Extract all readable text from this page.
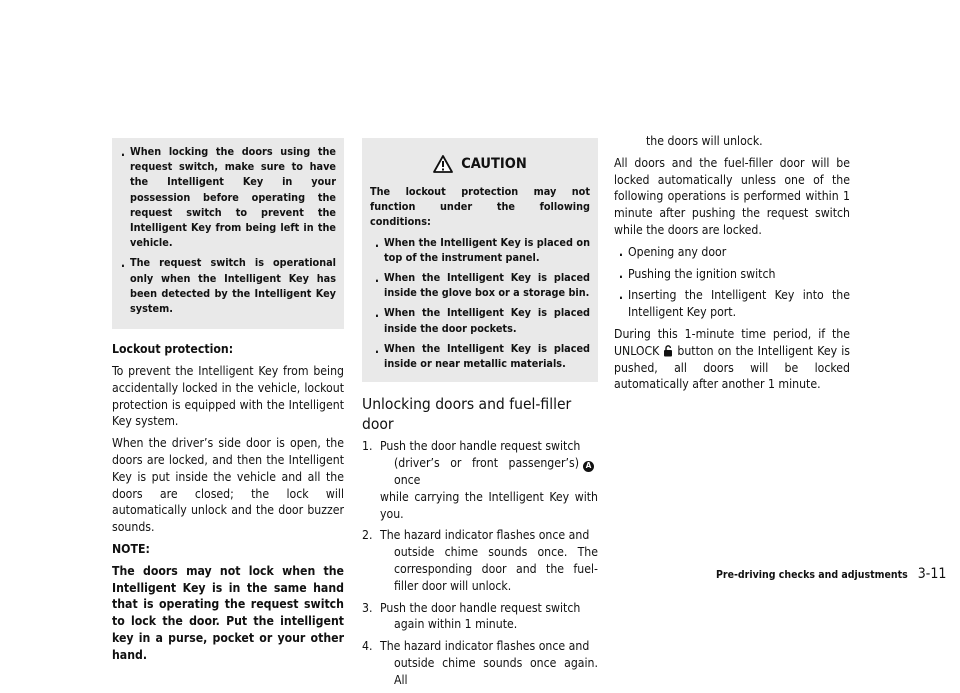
. When locking the doors using the request switch, make sure to have the Intelligent Key in your possession before operating the request switch to prevent the Intelligent Key from being left in the vehicle.
. The request switch is operational only when the Intelligent Key has been detected by the Intelligent Key system.

Lockout protection:

To prevent the Intelligent Key from being accidentally locked in the vehicle, lockout protection is equipped with the Intelligent Key system.

When the driver’s side door is open, the doors are locked, and then the Intelligent Key is put inside the vehicle and all the doors are closed; the lock will automatically unlock and the door buzzer sounds.

NOTE:

The doors may not lock when the Intelligent Key is in the same hand that is operating the request switch to lock the door. Put the intelligent key in a purse, pocket or your other hand.

CAUTION

The lockout protection may not function under the following conditions:

. When the Intelligent Key is placed on top of the instrument panel.
. When the Intelligent Key is placed inside the glove box or a storage bin.
. When the Intelligent Key is placed inside the door pockets.
. When the Intelligent Key is placed inside or near metallic materials.
Unlocking doors and fuel-filler door
1. Push the door handle request switch
(driver’s or front passenger’s) Aonce
while carrying the Intelligent Key with you.
2. The hazard indicator flashes once and
outside chime sounds once. The corresponding door and the fuel-filler door will unlock.
3. Push the door handle request switch
again within 1 minute.
4. The hazard indicator flashes once and
outside chime sounds once again. All

the doors will unlock.

All doors and the fuel-filler door will be locked automatically unless one of the following operations is performed within 1 minute after pushing the request switch while the doors are locked.

. Opening any door
. Pushing the ignition switch
. Inserting the Intelligent Key into the Intelligent Key port.

During this 1-minute time period, if the UNLOCK button on the Intelligent Key is pushed, all doors will be locked automatically after another 1 minute.

Pre-driving checks and adjustments 3-11
